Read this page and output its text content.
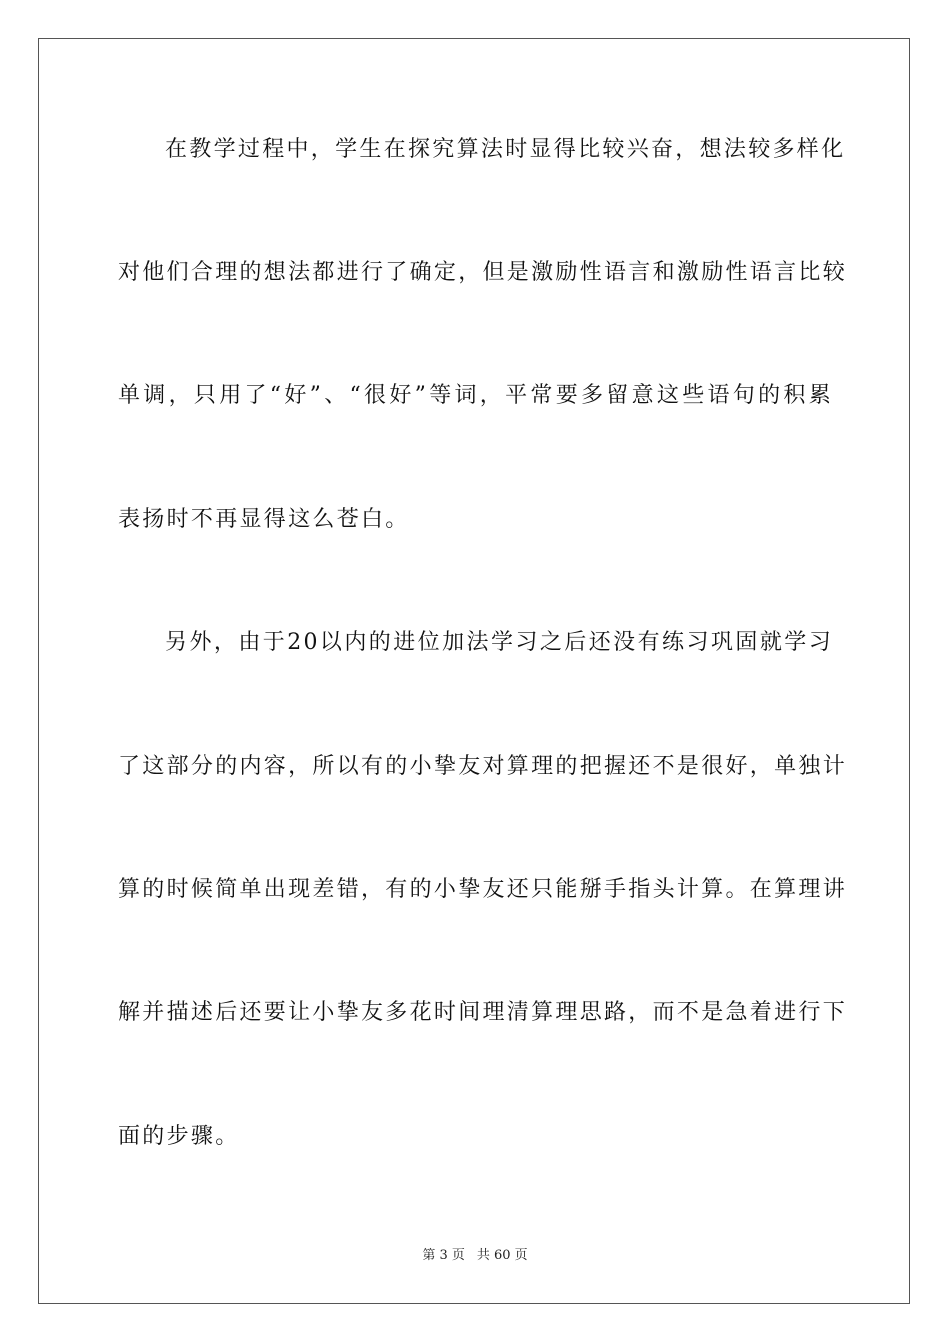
在教学过程中，学生在探究算法时显得比较兴奋，想法较多样化
对他们合理的想法都进行了确定，但是激励性语言和激励性语言比较
单调，只用了“好”、“很好”等词，平常要多留意这些语句的积累
表扬时不再显得这么苍白。
另外，由于20以内的进位加法学习之后还没有练习巩固就学习
了这部分的内容，所以有的小挚友对算理的把握还不是很好，单独计
算的时候简单出现差错，有的小挚友还只能掰手指头计算。在算理讲
解并描述后还要让小挚友多花时间理清算理思路，而不是急着进行下
面的步骤。
第 3 页 共 60 页
